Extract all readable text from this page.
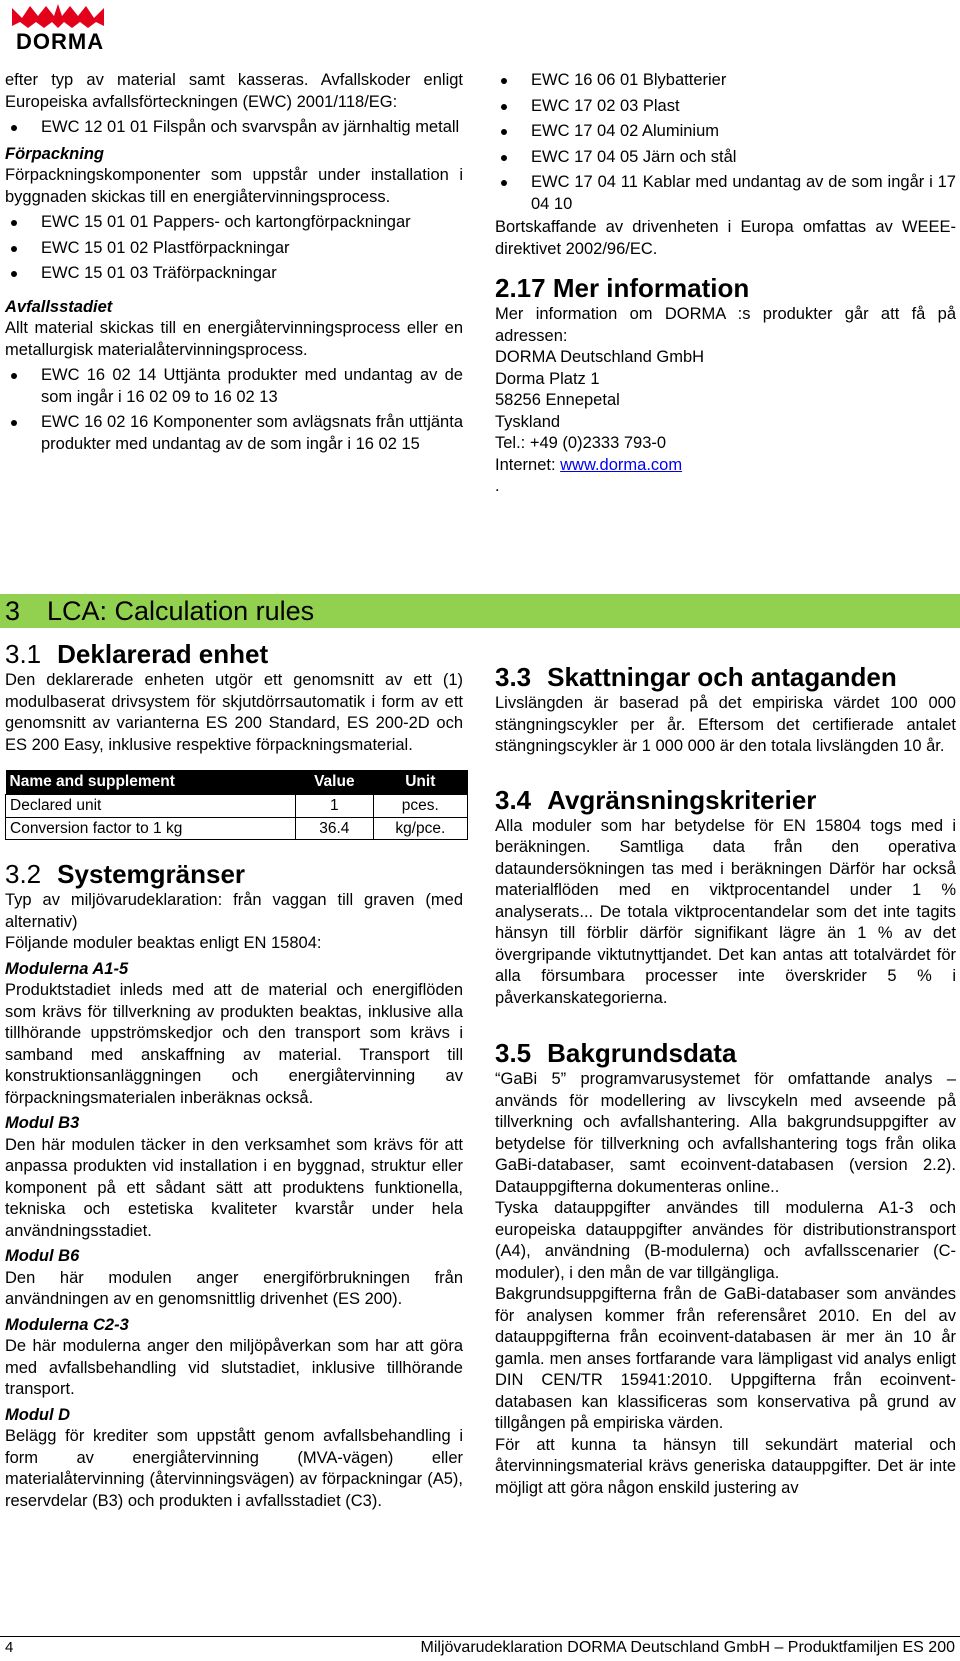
DORMA

efter typ av material samt kasseras. Avfallskoder enligt Europeiska avfallsförteckningen (EWC) 2001/118/EG:

EWC 12 01 01 Filspån och svarvspån av järnhaltig metall

Förpackning

Förpackningskomponenter som uppstår under installation i byggnaden skickas till en energiåtervinningsprocess.

EWC 15 01 01 Pappers- och kartongförpackningar
EWC 15 01 02 Plastförpackningar
EWC 15 01 03 Träförpackningar

Avfallsstadiet

Allt material skickas till en energiåtervinningsprocess eller en metallurgisk materialåtervinningsprocess.

EWC 16 02 14 Uttjänta produkter med undantag av de som ingår i 16 02 09 to 16 02 13
EWC 16 02 16 Komponenter som avlägsnats från uttjänta produkter med undantag av de som ingår i 16 02 15
EWC 16 06 01 Blybatterier
EWC 17 02 03 Plast
EWC 17 04 02 Aluminium
EWC 17 04 05 Järn och stål
EWC 17 04 11 Kablar med undantag av de som ingår i 17 04 10

Bortskaffande av drivenheten i Europa omfattas av WEEE-direktivet 2002/96/EC.

2.17 Mer information

Mer information om DORMA :s produkter går att få på adressen:

DORMA Deutschland GmbH

Dorma Platz 1

58256 Ennepetal

Tyskland

Tel.: +49 (0)2333 793-0

Internet: www.dorma.com

.

3 LCA: Calculation rules
3.1 Deklarerad enhet

Den deklarerade enheten utgör ett genomsnitt av ett (1) modulbaserat drivsystem för skjutdörrsautomatik i form av ett genomsnitt av varianterna ES 200 Standard, ES 200-2D och ES 200 Easy, inklusive respektive förpackningsmaterial.

Name and supplement	Value	Unit
Declared unit	1	pces.
Conversion factor to 1 kg	36.4	kg/pce.
3.2 Systemgränser

Typ av miljövarudeklaration: från vaggan till graven (med alternativ)

Följande moduler beaktas enligt EN 15804:

Modulerna A1-5

Produktstadiet inleds med att de material och energiflöden som krävs för tillverkning av produkten beaktas, inklusive alla tillhörande uppströmskedjor och den transport som krävs i samband med anskaffning av material. Transport till konstruktionsanläggningen och energiåtervinning av förpackningsmaterialen inberäknas också.

Modul B3

Den här modulen täcker in den verksamhet som krävs för att anpassa produkten vid installation i en byggnad, struktur eller komponent på ett sådant sätt att produktens funktionella, tekniska och estetiska kvaliteter kvarstår under hela användningsstadiet.

Modul B6

Den här modulen anger energiförbrukningen från användningen av en genomsnittlig drivenhet (ES 200).

Modulerna C2-3

De här modulerna anger den miljöpåverkan som har att göra med avfallsbehandling vid slutstadiet, inklusive tillhörande transport.

Modul D

Belägg för krediter som uppstått genom avfallsbehandling i form av energiåtervinning (MVA-vägen) eller materialåtervinning (återvinningsvägen) av förpackningar (A5), reservdelar (B3) och produkten i avfallsstadiet (C3).

3.3 Skattningar och antaganden

Livslängden är baserad på det empiriska värdet 100 000 stängningscykler per år. Eftersom det certifierade antalet stängningscykler är 1 000 000 är den totala livslängden 10 år.

3.4 Avgränsningskriterier

Alla moduler som har betydelse för EN 15804 togs med i beräkningen. Samtliga data från den operativa dataundersökningen tas med i beräkningen Därför har också materialflöden med en viktprocentandel under 1 % analyserats... De totala viktprocentandelar som det inte tagits hänsyn till förblir därför signifikant lägre än 1 % av det övergripande viktutnyttjandet. Det kan antas att totalvärdet för alla försumbara processer inte överskrider 5 % i påverkanskategorierna.

3.5 Bakgrundsdata

“GaBi 5” programvarusystemet för omfattande analys – används för modellering av livscykeln med avseende på tillverkning och avfallshantering. Alla bakgrundsuppgifter av betydelse för tillverkning och avfallshantering togs från olika GaBi-databaser, samt ecoinvent-databasen (version 2.2). Datauppgifterna dokumenteras online..

Tyska datauppgifter användes till modulerna A1-3 och europeiska datauppgifter användes för distributionstransport (A4), användning (B-modulerna) och avfallsscenarier (C-moduler), i den mån de var tillgängliga.

Bakgrundsuppgifterna från de GaBi-databaser som användes för analysen kommer från referensåret 2010. En del av datauppgifterna från ecoinvent-databasen är mer än 10 år gamla. men anses fortfarande vara lämpligast vid analys enligt DIN CEN/TR 15941:2010. Uppgifterna från ecoinvent-databasen kan klassificeras som konservativa på grund av tillgången på empiriska värden.

För att kunna ta hänsyn till sekundärt material och återvinningsmaterial krävs generiska datauppgifter. Det är inte möjligt att göra någon enskild justering av

4	Miljövarudeklaration DORMA Deutschland GmbH – Produktfamiljen ES 200
